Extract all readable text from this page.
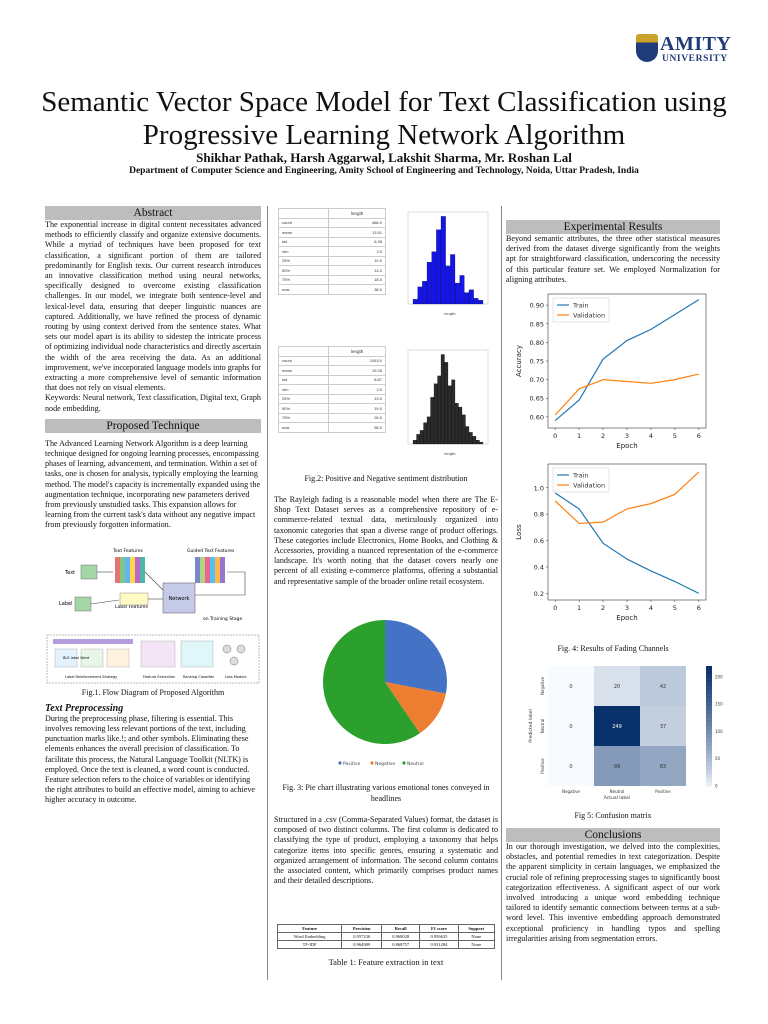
AMITY
UNIVERSITY
Semantic Vector Space Model for Text Classification using Progressive Learning Network Algorithm
Shikhar Pathak, Harsh Aggarwal, Lakshit Sharma, Mr. Roshan Lal
Department of Computer Science and Engineering, Amity School of Engineering and Technology, Noida, Uttar Pradesh, India
Abstract
The exponential increase in digital content necessitates advanced methods to efficiently classify and organize extensive documents. While a myriad of techniques have been proposed for text classification, a significant portion of them are tailored predominantly for English texts. Our current research introduces an innovative classification method using neural networks, specifically designed to overcome existing classification challenges. In our model, we integrate both sentence-level and lexical-level data, ensuring that deeper linguistic nuances are captured. Additionally, we have refined the process of dynamic routing by using context derived from the sentence states. What sets our model apart is its ability to sidestep the intricate process of optimizing individual node characteristics and directly ascertain the width of the area receiving the data. As an additional improvement, we've incorporated language models into graphs for extracting a more comprehensive level of semantic information that does not rely on visual elements.
Keywords: Neural network, Text classification, Digital text, Graph node embedding.
Proposed Technique
The Advanced Learning Network Algorithm is a deep learning technique designed for ongoing learning processes, encompassing phases of learning, advancement, and termination. Within a set of tasks, one is chosen for analysis, typically employing the learning method. The model's capacity is incrementally expanded using the augmentation technique, incorporating new parameters derived from previously unstudied tasks. This expansion allows for learning from the current task's data without any negative impact from previously forgotten information.
Text Features	Guided Text Features
Text
Label
Label Features
on Training Stage
Network
BLE label Word
Label Reinforcement Strategy	Feature Extraction Ranking Classifier	Loss Module
Fig.1. Flow Diagram of Proposed Algorithm
Text Preprocessing
During the preprocessing phase, filtering is essential. This involves removing less relevant portions of the text, including punctuation marks like.!; and other symbols. Eliminating these elements enhances the overall precision of classification. To facilitate this process, the Natural Language Toolkit (NLTK) is employed. Once the text is cleaned, a word count is conducted. Feature selection refers to the choice of variables or identifying the right attributes to build an effective model, aiming to achieve higher accuracy in outcome.
	length
count	468.0
mean	13.51
std	6.38
min	2.0
25%	10.0
50%	14.0
75%	18.0
max	38.0
length
	length
count	1063.0
mean	19.26
std	8.87
min	2.0
25%	13.0
50%	19.0
75%	26.0
max	56.0
length
Fig.2: Positive and Negative sentiment distribution
The Rayleigh fading is a reasonable model when there are The E-Shop Text Dataset serves as a comprehensive repository of e-commerce-related textual data, meticulously organized into taxonomic categories that span a diverse range of product offerings. These categories include Electronics, Home Books, and Clothing & Accessories, providing a nuanced representation of the e-commerce landscape. It's worth noting that the dataset covers nearly one percent of all existing e-commerce platforms, offering a substantial and representative sample of the broader online retail ecosystem.
Positive	Negative	Neutral
Fig. 3: Pie chart illustrating various emotional tones conveyed in headlines
Structured in a .csv (Comma-Separated Values) format, the dataset is composed of two distinct columns. The first column is dedicated to classifying the type of product, employing a taxonomy that helps categorize items into specific genres, ensuring a systematic and organized arrangement of information. The second column contains the associated content, which primarily comprises product names and their detailed descriptions.
Feature	Precision	Recall	F1 score	Support
Word Embedding	0.957230	0.968028	0.956635	None
TF-IDF	0.964989	0.868757	0.931284	None
Table 1: Feature extraction in text
Experimental Results
Beyond semantic attributes, the three other statistical measures derived from the dataset diverge significantly from the weights apt for straightforward classification, underscoring the necessity of this particular feature set. We employed Normalization for aligning attributes.
0.60
0.65
0.70
0.75
0.80
0.85
0.90
0	1	2	3	4	5	6
Epoch
Accuracy
Train
Validation
0.2
0.4
0.6
0.8
1.0
0	1	2	3	4	5	6
Epoch
Loss
Train
Validation
Fig. 4: Results of Fading Channels
0	20	42
0	249	37
0	99	83
Negative
Negative
Neutral
Neutral
Positive
Positive
Actual label
Predicted label
200
150
100
50
0
Fig 5: Confusion matrix
Conclusions
In our thorough investigation, we delved into the complexities, obstacles, and potential remedies in text categorization. Despite the apparent simplicity in certain languages, we emphasized the crucial role of refining preprocessing stages to significantly boost categorization effectiveness. A significant aspect of our work involved introducing a unique word embedding technique tailored to identify semantic connections between terms at a sub-word level. This inventive embedding approach demonstrated exceptional proficiency in handling typos and spelling irregularities arising from segmentation errors.
